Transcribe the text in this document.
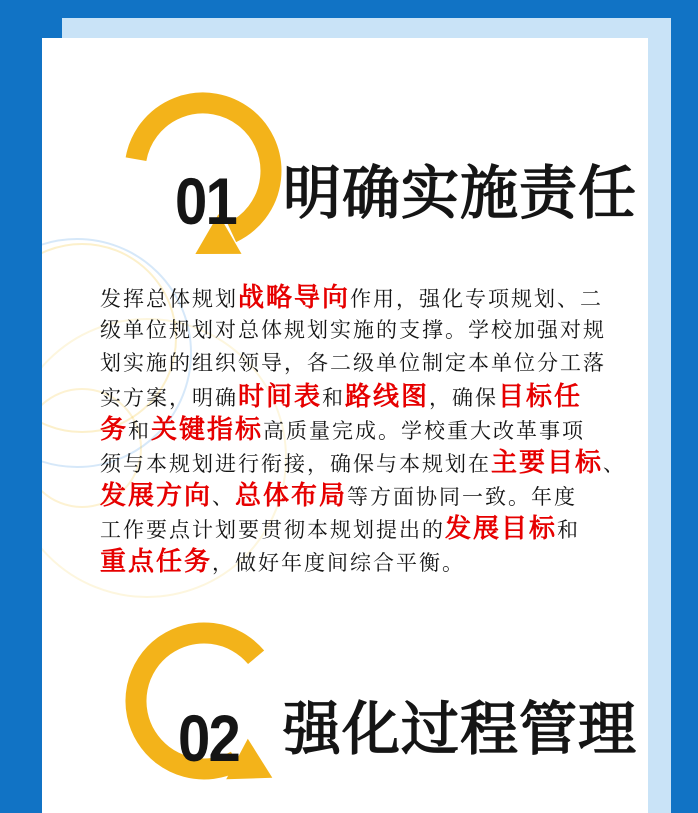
01 明确实施责任
发挥总体规划战略导向作用，强化专项规划、二
级单位规划对总体规划实施的支撑。学校加强对规
划实施的组织领导，各二级单位制定本单位分工落
实方案，明确时间表和路线图，确保目标任
务和关键指标高质量完成。学校重大改革事项
须与本规划进行衔接，确保与本规划在主要目标、
发展方向、总体布局等方面协同一致。年度
工作要点计划要贯彻本规划提出的发展目标和
重点任务，做好年度间综合平衡。
02 强化过程管理
